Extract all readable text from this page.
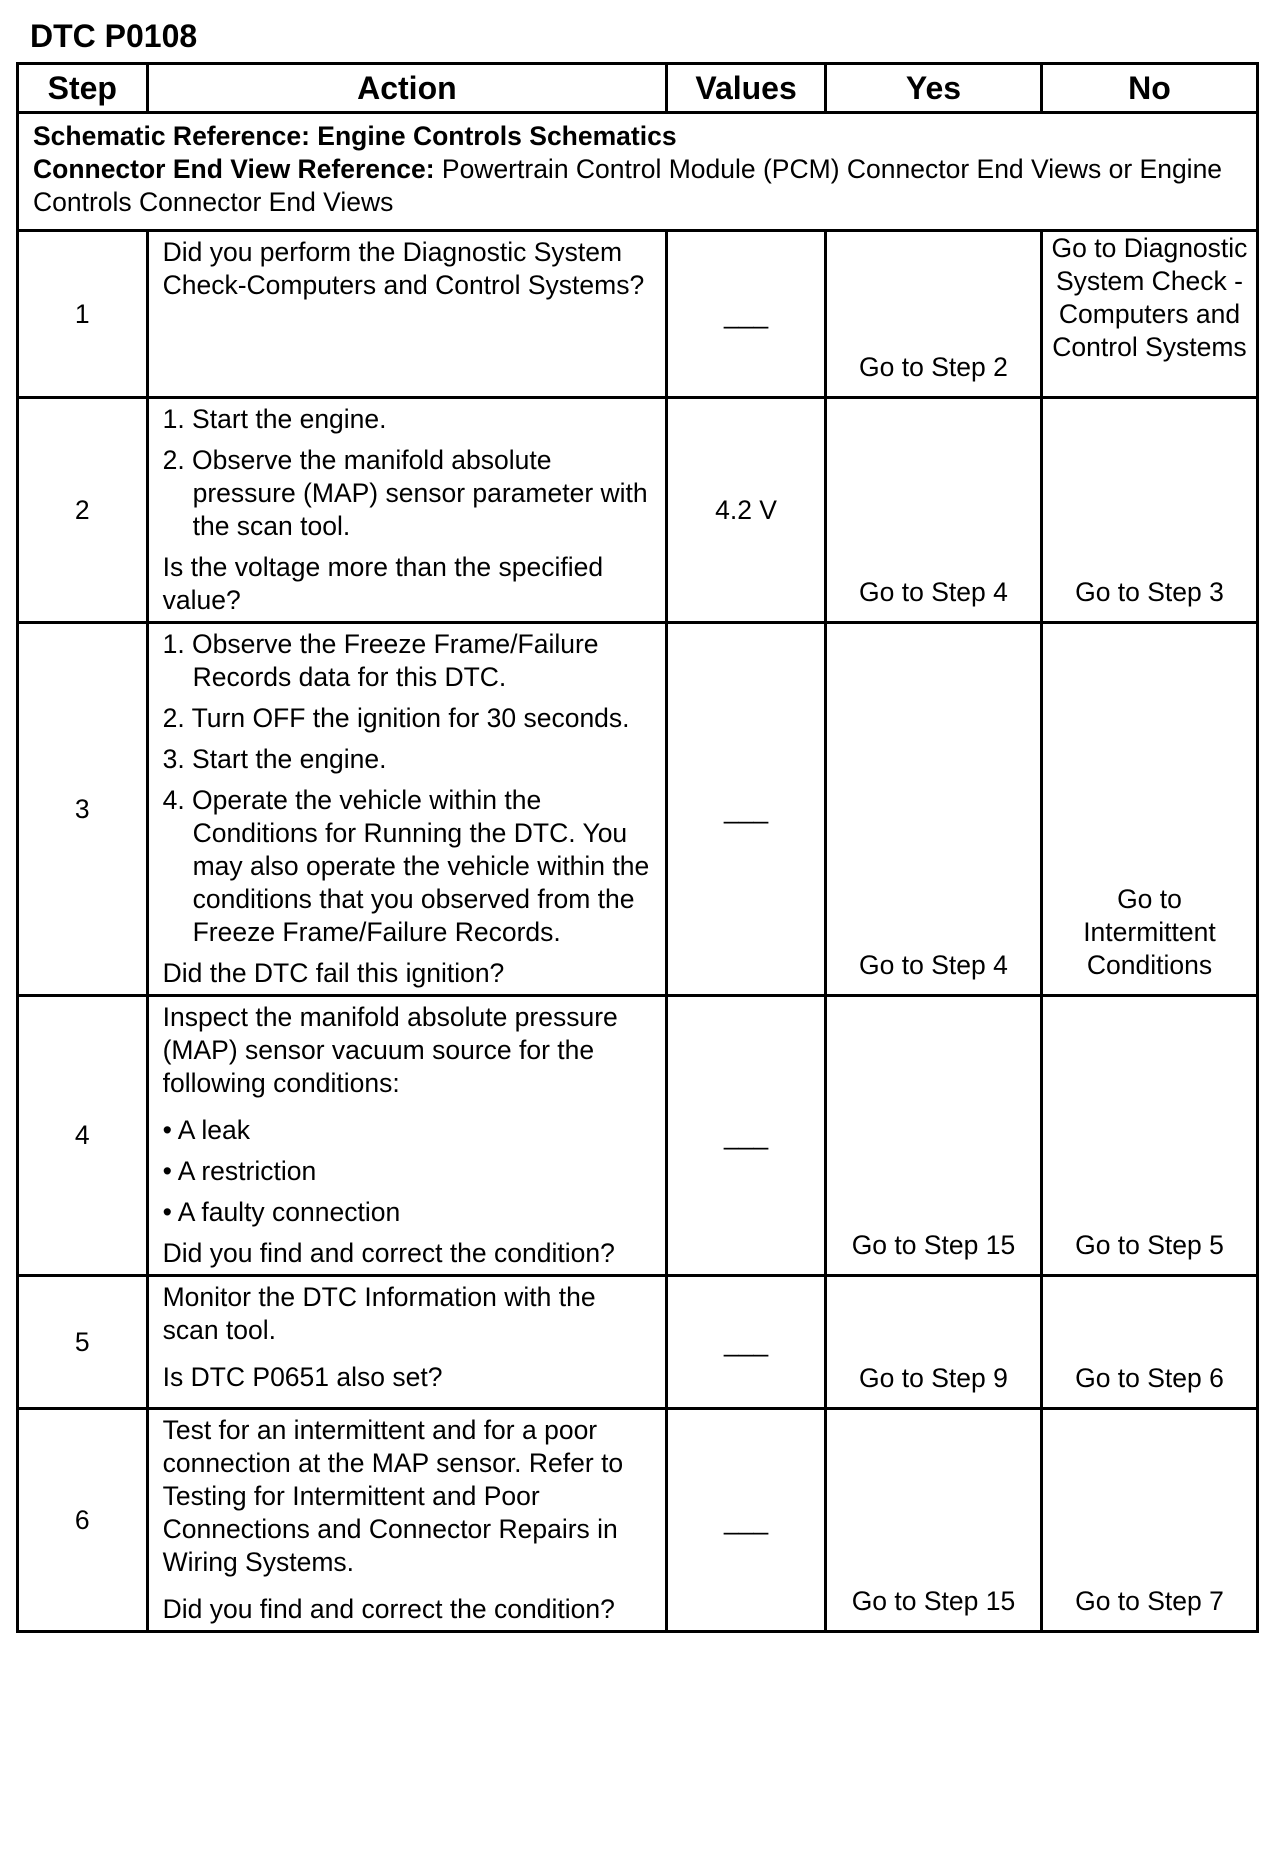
DTC P0108
Step	Action	Values	Yes	No

Schematic Reference: Engine Controls Schematics
Connector End View Reference: Powertrain Control Module (PCM) Connector End Views or Engine Controls Connector End Views				

1	Did you perform the Diagnostic System Check-Computers and Control Systems?	___	Go to Step 2	Go to Diagnostic System Check - Computers and Control Systems
2	1. Start the engine.

2. Observe the manifold absolute pressure (MAP) sensor parameter with the scan tool.

Is the voltage more than the specified value?	4.2 V	Go to Step 4	Go to Step 3
3	1. Observe the Freeze Frame/Failure Records data for this DTC.

2. Turn OFF the ignition for 30 seconds.

3. Start the engine.

4. Operate the vehicle within the Conditions for Running the DTC. You may also operate the vehicle within the conditions that you observed from the Freeze Frame/Failure Records.

Did the DTC fail this ignition?	___	Go to Step 4	Go to Intermittent Conditions
4	Inspect the manifold absolute pressure (MAP) sensor vacuum source for the following conditions:

• A leak

• A restriction

• A faulty connection

Did you find and correct the condition?	___	Go to Step 15	Go to Step 5
5	Monitor the DTC Information with the scan tool.

Is DTC P0651 also set?	___	Go to Step 9	Go to Step 6
6	Test for an intermittent and for a poor connection at the MAP sensor. Refer to Testing for Intermittent and Poor Connections and Connector Repairs in Wiring Systems.

Did you find and correct the condition?	___	Go to Step 15	Go to Step 7
